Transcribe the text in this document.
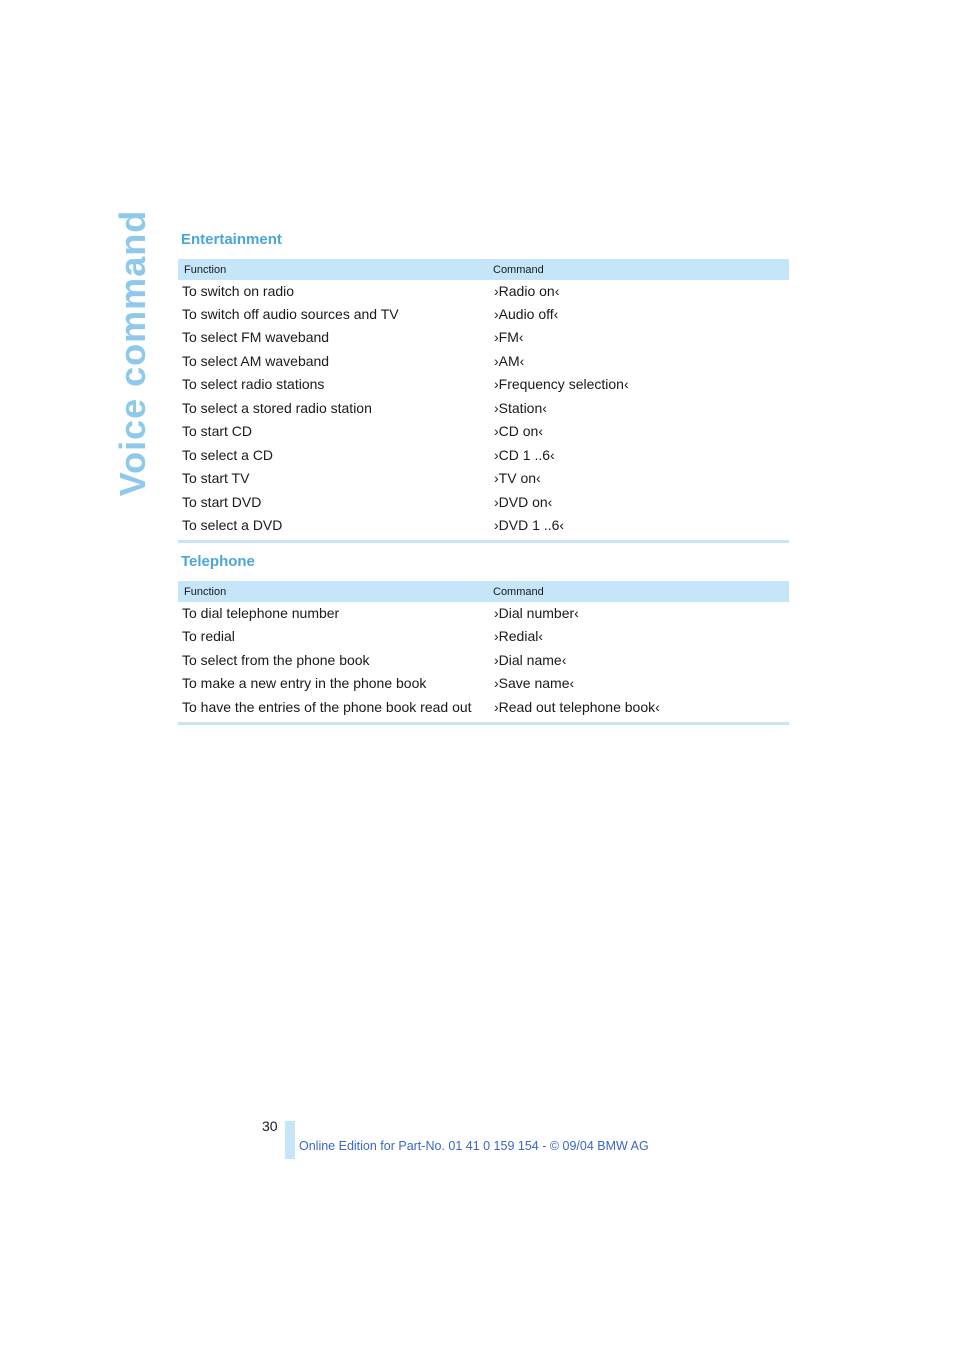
Voice command Entertainment
Function	Command
To switch on radio	›Radio on‹
To switch off audio sources and TV	›Audio off‹
To select FM waveband	›FM‹
To select AM waveband	›AM‹
To select radio stations	›Frequency selection‹
To select a stored radio station	›Station‹
To start CD	›CD on‹
To select a CD	›CD 1 ..6‹
To start TV	›TV on‹
To start DVD	›DVD on‹
To select a DVD	›DVD 1 ..6‹
Telephone
Function	Command
To dial telephone number	›Dial number‹
To redial	›Redial‹
To select from the phone book	›Dial name‹
To make a new entry in the phone book	›Save name‹
To have the entries of the phone book read out	›Read out telephone book‹
30
Online Edition for Part-No. 01 41 0 159 154 - © 09/04 BMW AG
